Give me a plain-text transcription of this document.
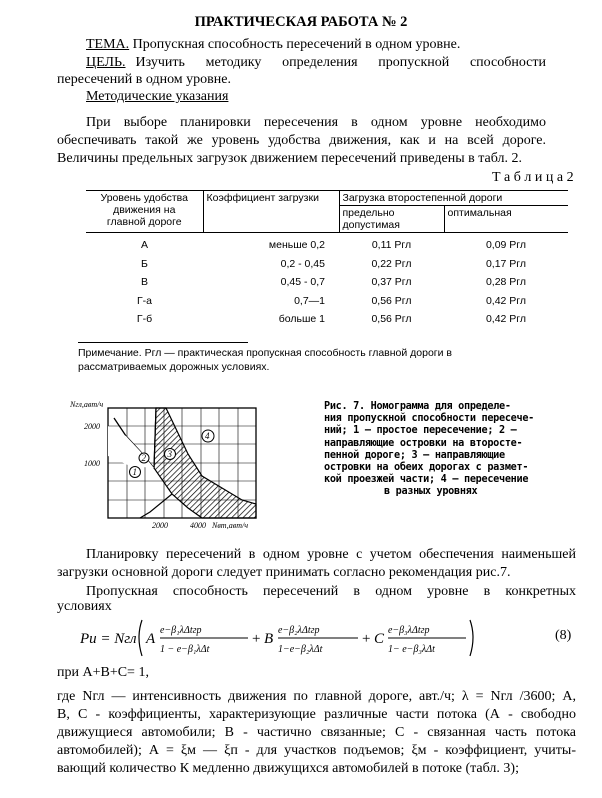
ПРАКТИЧЕСКАЯ РАБОТА № 2
ТЕМА. Пропускная способность пересечений в одном уровне.
ЦЕЛЬ. Изучить методику определения пропускной способности
пересечений в одном уровне.
Методические указания
При выборе планировки пересечения в одном уровне необходимо
обеспечивать такой же уровень удобства движения, как и на всей дороге.
Величины предельных загрузок движением пересечений приведены в табл. 2.
Т а б л и ц а 2
Уровень удобства
движения на
главной дороге	Коэффициент загрузки	Загрузка второстепенной дороги	

		предельно
допустимая	оптимальная
А	меньше 0,2	0,11 Pгл	0,09 Pгл
Б	0,2 - 0,45	0,22 Pгл	0,17 Pгл
В	0,45 - 0,7	0,37 Pгл	0,28 Pгл
Г-а	0,7—1	0,56 Pгл	0,42 Pгл
Г-б	больше 1	0,56 Pгл	0,42 Pгл
Примечание. Pгл — практическая пропускная способность главной дороги в
рассматриваемых дорожных условиях.
4
1
2 3
Nгл,авт/ч
2000
1000
2000	4000 Nвт,авт/ч
Рис. 7. Номограмма для определе-
ния пропускной способности пересече-
ний; 1 — простое пересечение; 2 —
направляющие островки на второсте-
пенной дороге; 3 — направляющие
островки на обеих дорогах с размет-
кой проезжей части; 4 — пересечение
в разных уровнях
Планировку пересечений в одном уровне с учетом обеспечения наименьшей
загрузки основной дороги следует принимать согласно рекомендация рис.7.
Пропускная способность пересечений в одном уровне в конкретных
условиях
Pи = Nгл A
e−β₁λΔtгр
1 − e−β₁λΔt
+ B
e−β₂λΔtгр
1−e−β₂λΔt
+ C
e−β₃λΔtгр
1− e−β₃λΔt
(8)
при А+В+С= 1,
где Nгл — интенсивность движения по главной дороге, авт./ч; λ = Nгл /3600; А,
В, С - коэффициенты, характеризующие различные части потока (А - свободно
движущиеся автомобили; В - частично связанные; С - связанная часть потока
автомобилей); А = ξм — ξп - для участков подъемов; ξм - коэффициент, учиты-
вающий количество К медленно движущихся автомобилей в потоке (табл. 3);
